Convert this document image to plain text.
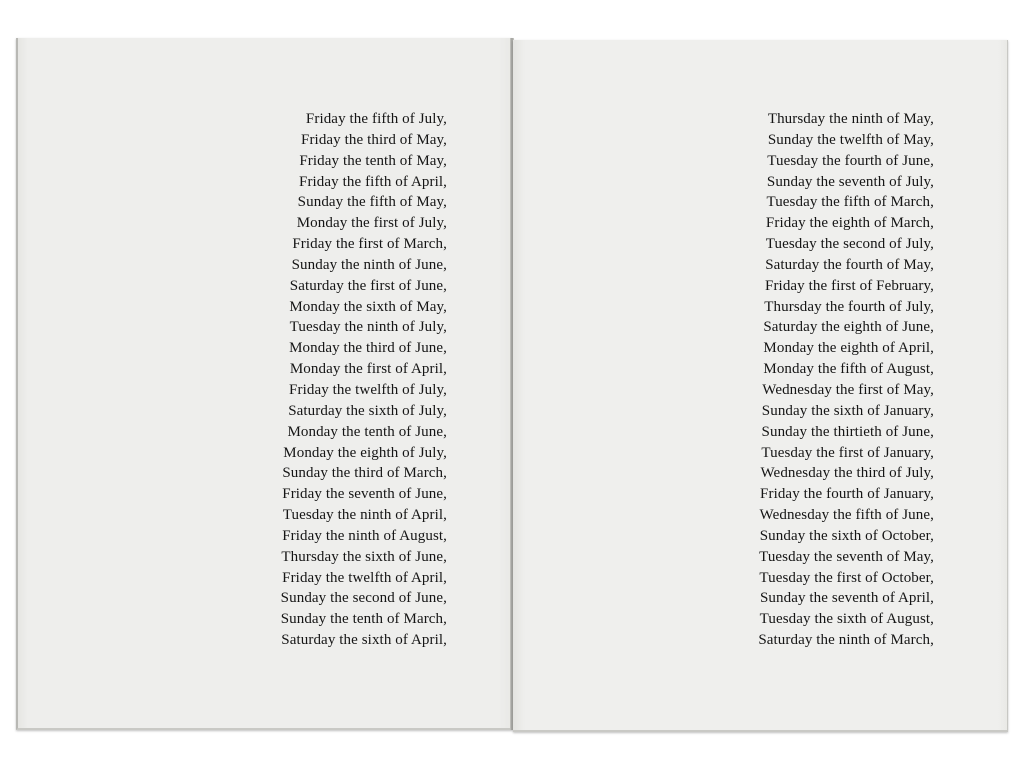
Friday the fifth of July,
Friday the third of May,
Friday the tenth of May,
Friday the fifth of April,
Sunday the fifth of May,
Monday the first of July,
Friday the first of March,
Sunday the ninth of June,
Saturday the first of June,
Monday the sixth of May,
Tuesday the ninth of July,
Monday the third of June,
Monday the first of April,
Friday the twelfth of July,
Saturday the sixth of July,
Monday the tenth of June,
Monday the eighth of July,
Sunday the third of March,
Friday the seventh of June,
Tuesday the ninth of April,
Friday the ninth of August,
Thursday the sixth of June,
Friday the twelfth of April,
Sunday the second of June,
Sunday the tenth of March,
Saturday the sixth of April,
Thursday the ninth of May,
Sunday the twelfth of May,
Tuesday the fourth of June,
Sunday the seventh of July,
Tuesday the fifth of March,
Friday the eighth of March,
Tuesday the second of July,
Saturday the fourth of May,
Friday the first of February,
Thursday the fourth of July,
Saturday the eighth of June,
Monday the eighth of April,
Monday the fifth of August,
Wednesday the first of May,
Sunday the sixth of January,
Sunday the thirtieth of June,
Tuesday the first of January,
Wednesday the third of July,
Friday the fourth of January,
Wednesday the fifth of June,
Sunday the sixth of October,
Tuesday the seventh of May,
Tuesday the first of October,
Sunday the seventh of April,
Tuesday the sixth of August,
Saturday the ninth of March,
